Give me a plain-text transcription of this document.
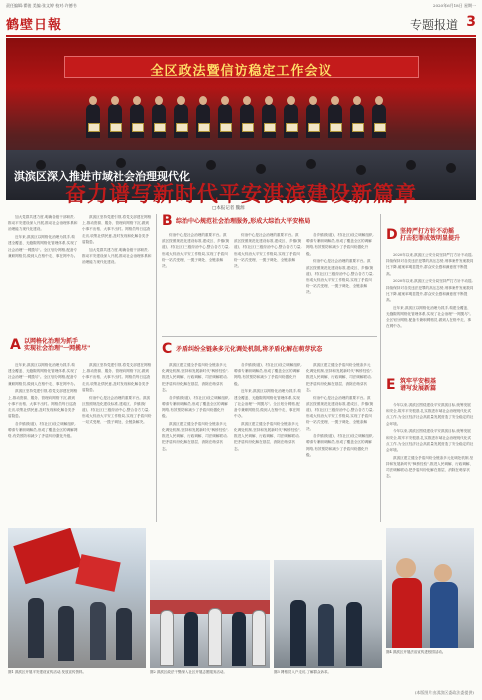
责任编辑:翟骏 美编:张文婷 校对:许德书	2020年6月18日 星期一
鹤壁日報	专题报道 3
全区政法暨信访稳定工作会议
淇滨区深入推进市域社会治理现代化
奋力谱写新时代平安淇滨建设新篇章
□本报记者 魏源

加大党群共建力度,明确各级干部职责,推动平安建设深入开展,推动社会治理体系和治理能力现代化建设。

近年来,淇滨区以网格化治理为抓手,构建全覆盖、无缝隙的网格化管理体系,实现了社会治理"一网揽尽"。全区划分网格,配备专兼职网格员,做到人在格中走、事在网中办。

淇滨区坚持党建引领,将党支部建在网格上,推动资源、服务、管理向网格下沉,做到小事不出格、大事不出村。网格员每日巡查走访,收集社情民意,及时发现和化解各类矛盾隐患。

加大党群共建力度,明确各级干部职责,推动平安建设深入开展,推动社会治理体系和治理能力现代化建设。

A 以网格化治理为抓手
实现社会治理"一网揽尽"

近年来,淇滨区以网格化治理为抓手,构建全覆盖、无缝隙的网格化管理体系,实现了社会治理"一网揽尽"。全区划分网格,配备专兼职网格员,做到人在格中走、事在网中办。

淇滨区坚持党建引领,将党支部建在网格上,推动资源、服务、管理向网格下沉,做到小事不出格、大事不出村。网格员每日巡查走访,收集社情民意,及时发现和化解各类矛盾隐患。

各乡镇(街道)、村(社区)设立调解组织,聘请专兼职调解员,形成了覆盖全区的调解网络,有效预防和减少了矛盾纠纷激化升级。

淇滨区坚持党建引领,将党支部建在网格上,推动资源、服务、管理向网格下沉,做到小事不出格、大事不出村。网格员每日巡查走访,收集社情民意,及时发现和化解各类矛盾隐患。

综治中心是社会治理的重要平台。淇滨区按照规范化建设标准,建成区、乡镇(街道)、村(社区)三级综治中心,整合各方力量,形成大综治大平安工作格局,实现了矛盾纠纷一站式受理、一揽子调处、全链条解决。

B 综治中心规范社会治理服务,形成大综治大平安格局

综治中心是社会治理的重要平台。淇滨区按照规范化建设标准,建成区、乡镇(街道)、村(社区)三级综治中心,整合各方力量,形成大综治大平安工作格局,实现了矛盾纠纷一站式受理、一揽子调处、全链条解决。

综治中心是社会治理的重要平台。淇滨区按照规范化建设标准,建成区、乡镇(街道)、村(社区)三级综治中心,整合各方力量,形成大综治大平安工作格局,实现了矛盾纠纷一站式受理、一揽子调处、全链条解决。

各乡镇(街道)、村(社区)设立调解组织,聘请专兼职调解员,形成了覆盖全区的调解网络,有效预防和减少了矛盾纠纷激化升级。

综治中心是社会治理的重要平台。淇滨区按照规范化建设标准,建成区、乡镇(街道)、村(社区)三级综治中心,整合各方力量,形成大综治大平安工作格局,实现了矛盾纠纷一站式受理、一揽子调处、全链条解决。

C 矛盾纠纷全链条多元化调处机制,将矛盾化解在萌芽状态

淇滨区建立健全矛盾纠纷全链条多元化调处机制,坚持和发展新时代"枫桥经验",推进人民调解、行政调解、司法调解联动,把矛盾纠纷化解在基层、消除在萌芽状态。

各乡镇(街道)、村(社区)设立调解组织,聘请专兼职调解员,形成了覆盖全区的调解网络,有效预防和减少了矛盾纠纷激化升级。

淇滨区建立健全矛盾纠纷全链条多元化调处机制,坚持和发展新时代"枫桥经验",推进人民调解、行政调解、司法调解联动,把矛盾纠纷化解在基层、消除在萌芽状态。

各乡镇(街道)、村(社区)设立调解组织,聘请专兼职调解员,形成了覆盖全区的调解网络,有效预防和减少了矛盾纠纷激化升级。

近年来,淇滨区以网格化治理为抓手,构建全覆盖、无缝隙的网格化管理体系,实现了社会治理"一网揽尽"。全区划分网格,配备专兼职网格员,做到人在格中走、事在网中办。

淇滨区建立健全矛盾纠纷全链条多元化调处机制,坚持和发展新时代"枫桥经验",推进人民调解、行政调解、司法调解联动,把矛盾纠纷化解在基层、消除在萌芽状态。

淇滨区建立健全矛盾纠纷全链条多元化调处机制,坚持和发展新时代"枫桥经验",推进人民调解、行政调解、司法调解联动,把矛盾纠纷化解在基层、消除在萌芽状态。

综治中心是社会治理的重要平台。淇滨区按照规范化建设标准,建成区、乡镇(街道)、村(社区)三级综治中心,整合各方力量,形成大综治大平安工作格局,实现了矛盾纠纷一站式受理、一揽子调处、全链条解决。

各乡镇(街道)、村(社区)设立调解组织,聘请专兼职调解员,形成了覆盖全区的调解网络,有效预防和减少了矛盾纠纷激化升级。

D 坚持严打方针不动摇
打击犯罪成效明显提升

2020年以来,淇滨区公安分局坚持严打方针不动摇,持续保持对各类违法犯罪的高压态势,刑事案件发案数同比下降,破案率明显提升,群众安全感和满意度不断提高。

2020年以来,淇滨区公安分局坚持严打方针不动摇,持续保持对各类违法犯罪的高压态势,刑事案件发案数同比下降,破案率明显提升,群众安全感和满意度不断提高。

近年来,淇滨区以网格化治理为抓手,构建全覆盖、无缝隙的网格化管理体系,实现了社会治理"一网揽尽"。全区划分网格,配备专兼职网格员,做到人在格中走、事在网中办。

E 筑牢平安根基
谱写发展新篇

今年以来,淇滨区围绕建设平安淇滨目标,统筹发展和安全,筑牢平安根基,扎实推进市域社会治理现代化试点工作,为全区经济社会高质量发展营造了安全稳定的社会环境。

今年以来,淇滨区围绕建设平安淇滨目标,统筹发展和安全,筑牢平安根基,扎实推进市域社会治理现代化试点工作,为全区经济社会高质量发展营造了安全稳定的社会环境。

淇滨区建立健全矛盾纠纷全链条多元化调处机制,坚持和发展新时代"枫桥经验",推进人民调解、行政调解、司法调解联动,把矛盾纠纷化解在基层、消除在萌芽状态。

图1 淇滨区开展平安建设宣传活动,发放宣传资料。	图2 淇滨区政法干警深入社区开展志愿服务活动。	图3 网格员入户走访,了解群众诉求。
图4 淇滨区开展法治宣传进校园活动。
(本版图片由淇滨区委政法委提供)
